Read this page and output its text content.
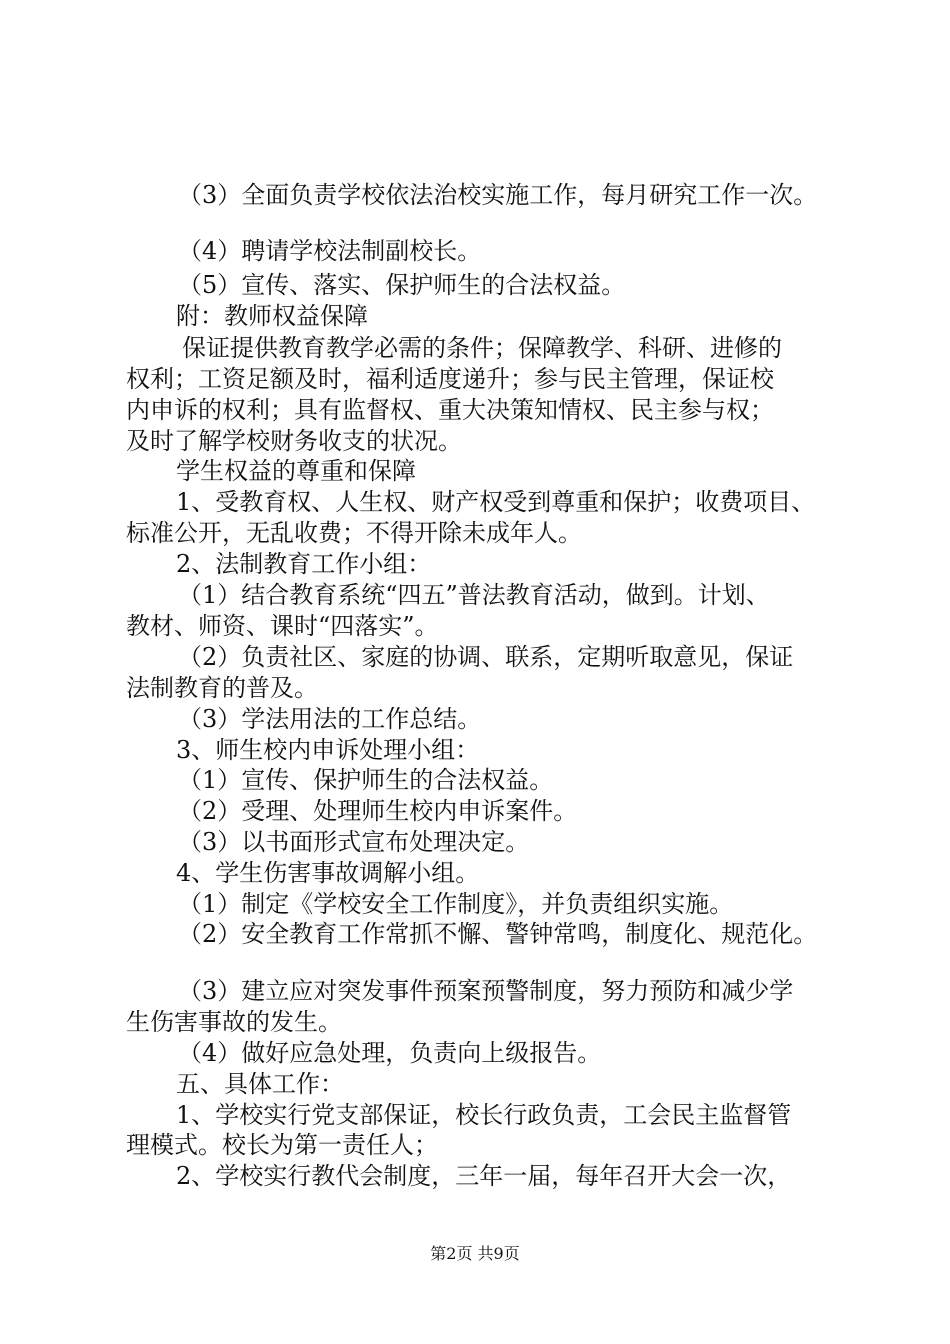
（3）全面负责学校依法治校实施工作，每月研究工作一次。
（4）聘请学校法制副校长。
（5）宣传、落实、保护师生的合法权益。
附：教师权益保障
保证提供教育教学必需的条件；保障教学、科研、进修的
权利；工资足额及时，福利适度递升；参与民主管理，保证校
内申诉的权利；具有监督权、重大决策知情权、民主参与权；
及时了解学校财务收支的状况。
学生权益的尊重和保障
1、受教育权、人生权、财产权受到尊重和保护；收费项目、
标准公开，无乱收费；不得开除未成年人。
2、法制教育工作小组：
（1）结合教育系统“四五”普法教育活动，做到。计划、
教材、师资、课时“四落实”。
（2）负责社区、家庭的协调、联系，定期听取意见，保证
法制教育的普及。
（3）学法用法的工作总结。
3、师生校内申诉处理小组：
（1）宣传、保护师生的合法权益。
（2）受理、处理师生校内申诉案件。
（3）以书面形式宣布处理决定。
4、学生伤害事故调解小组。
（1）制定《学校安全工作制度》，并负责组织实施。
（2）安全教育工作常抓不懈、警钟常鸣，制度化、规范化。
（3）建立应对突发事件预案预警制度，努力预防和减少学
生伤害事故的发生。
（4）做好应急处理，负责向上级报告。
五、具体工作：
1、学校实行党支部保证，校长行政负责，工会民主监督管
理模式。校长为第一责任人；
2、学校实行教代会制度，三年一届，每年召开大会一次，
第2页 共9页
